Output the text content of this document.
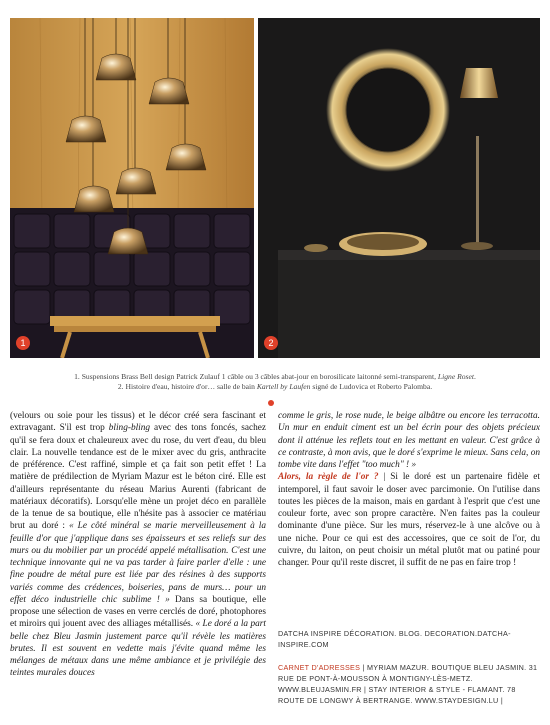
1	2
1. Suspensions Brass Bell design Patrick Zulauf 1 câble ou 3 câbles abat-jour en borosilicate laitonné semi-transparent, Ligne Roset.
2. Histoire d'eau, histoire d'or… salle de bain Kartell by Laufen signé de Ludovica et Roberto Palomba.

(velours ou soie pour les tissus) et le décor créé sera fascinant et extravagant. S'il est trop bling-bling avec des tons foncés, sachez qu'il se fera doux et chaleureux avec du rose, du vert d'eau, du bleu clair. La nouvelle tendance est de le mixer avec du gris, anthracite de préférence. C'est raffiné, simple et ça fait son petit effet ! La matière de prédilection de Myriam Mazur est le béton ciré. Elle est d'ailleurs représentante du réseau Marius Aurenti (fabricant de matériaux décoratifs). Lorsqu'elle mène un projet déco en parallèle de la tenue de sa boutique, elle n'hésite pas à associer ce matériau brut au doré : « Le côté minéral se marie merveilleusement à la feuille d'or que j'applique dans ses épaisseurs et ses reliefs sur des murs ou du mobilier par un procédé appelé métallisation. C'est une technique innovante qui ne va pas tarder à faire parler d'elle : une fine poudre de métal pure est liée par des résines à des supports variés comme des crédences, boiseries, pans de murs… pour un effet déco industrielle chic sublime ! » Dans sa boutique, elle propose une sélection de vases en verre cerclés de doré, photophores et miroirs qui jouent avec des alliages métallisés. « Le doré a la part belle chez Bleu Jasmin justement parce qu'il révèle les matières brutes. Il est souvent en vedette mais j'évite quand même les mélanges de métaux dans une même ambiance et je privilégie des teintes murales douces

comme le gris, le rose nude, le beige albâtre ou encore les terracotta. Un mur en enduit ciment est un bel écrin pour des objets précieux dont il atténue les reflets tout en les mettant en valeur. C'est grâce à ce contraste, à mon avis, que le doré s'exprime le mieux. Sans cela, on tombe vite dans l'effet "too much" ! »

Alors, la règle de l'or ? | Si le doré est un partenaire fidèle et intemporel, il faut savoir le doser avec parcimonie. On l'utilise dans toutes les pièces de la maison, mais en gardant à l'esprit que c'est une couleur forte, avec son propre caractère. N'en faites pas la couleur dominante d'une pièce. Sur les murs, réservez-le à une alcôve ou à une niche. Pour ce qui est des accessoires, que ce soit de l'or, du cuivre, du laiton, on peut choisir un métal plutôt mat ou patiné pour changer. Pour qu'il reste discret, il suffit de ne pas en faire trop !

DATCHA INSPIRE DÉCORATION. BLOG. DECORATION.DATCHA-INSPIRE.COM
CARNET D'ADRESSES | MYRIAM MAZUR. BOUTIQUE BLEU JASMIN. 31 RUE DE PONT-À-MOUSSON À MONTIGNY-LÈS-METZ. WWW.BLEUJASMIN.FR | STAY INTERIOR & STYLE - FLAMANT. 78 ROUTE DE LONGWY À BERTRANGE. WWW.STAYDESIGN.LU |
